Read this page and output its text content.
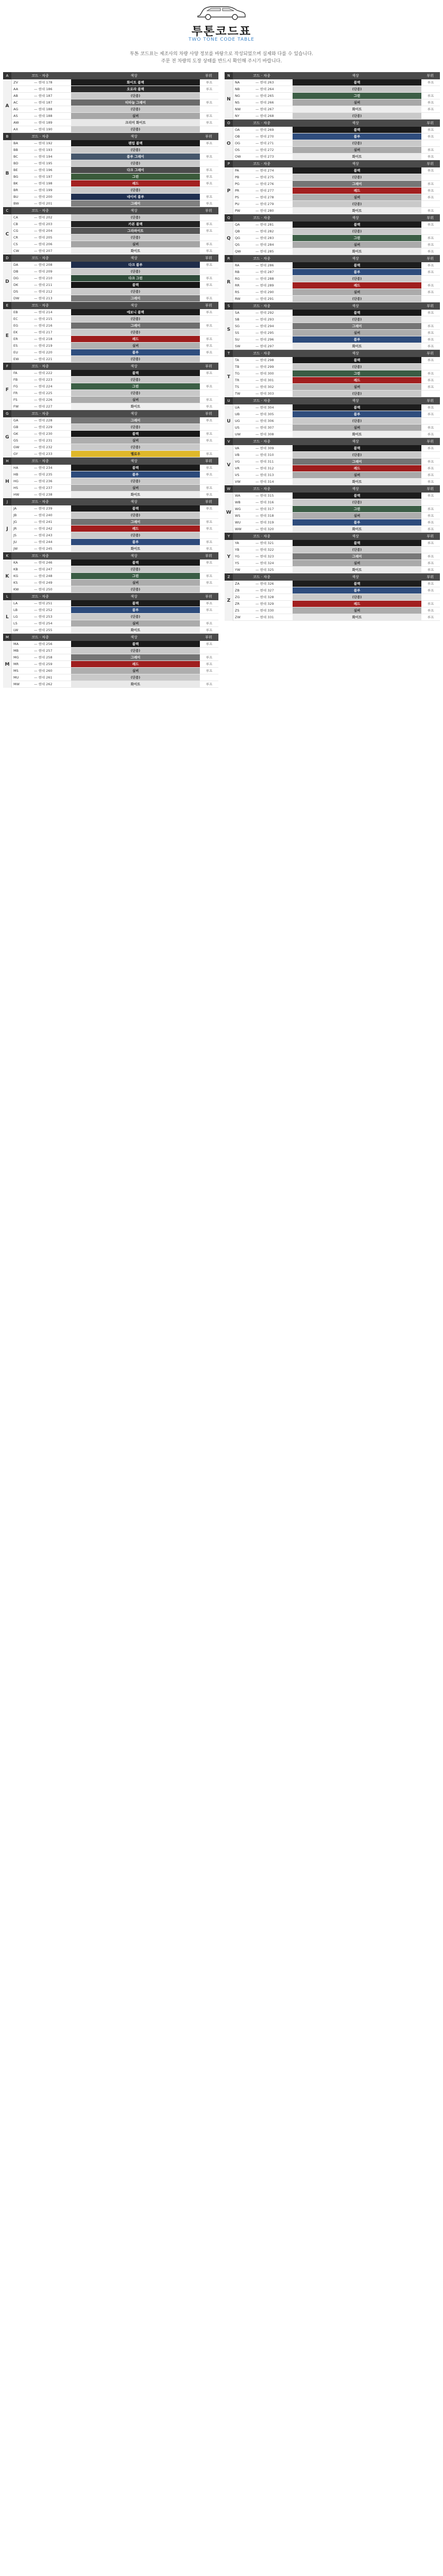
투톤코드표
TWO TONE CODE TABLE
투톤 코드표는 제조사의 차량 사양 정보를 바탕으로 작성되었으며 실제와 다를 수 있습니다.
주문 전 차량의 도장 상태를 반드시 확인해 주시기 바랍니다.
A	코드 · 차종	색상	부위
A
ZV	— 현대 178	화이트 블랙	루프
AA	— 현대 186	오로라 블랙	루프
AB	— 현대 187	(단종)
AC	— 현대 187	티타늄 그레이	루프
AG	— 현대 188	(단종)
AS	— 현대 188	실버	루프
AW	— 현대 189	크리미 화이트	루프
AX	— 현대 190	(단종)
B	코드 · 차종	색상	부위
B
BA	— 현대 192	팬텀 블랙	루프
BB	— 현대 193	(단종)
BC	— 현대 194	블루 그레이	루프
BD	— 현대 195	(단종)
BE	— 현대 196	다크 그레이	루프
BG	— 현대 197	그린	루프
BK	— 현대 198	레드	루프
BR	— 현대 199	(단종)
BU	— 현대 200	네이비 블루	루프
BW	— 현대 201	그레이	루프
C	코드 · 차종	색상	부위
C
CA	— 현대 202	(단종)
CB	— 현대 203	카본 블랙	루프
CG	— 현대 204	그라파이트	루프
CR	— 현대 205	(단종)
CS	— 현대 206	실버	루프
CW	— 현대 207	화이트	루프
D	코드 · 차종	색상	부위
D
DA	— 현대 208	다크 블루	루프
DB	— 현대 209	(단종)
DG	— 현대 210	다크 그린	루프
DK	— 현대 211	블랙	루프
DS	— 현대 212	(단종)
DW	— 현대 213	그레이	루프
E	코드 · 차종	색상	부위
E
EB	— 현대 214	에보니 블랙	루프
EC	— 현대 215	(단종)
EG	— 현대 216	그레이	루프
EK	— 현대 217	(단종)
ER	— 현대 218	레드	루프
ES	— 현대 219	실버	루프
EU	— 현대 220	블루	루프
EW	— 현대 221	(단종)
F	코드 · 차종	색상	부위
F
FA	— 현대 222	블랙	루프
FB	— 현대 223	(단종)
FG	— 현대 224	그린	루프
FR	— 현대 225	(단종)
FS	— 현대 226	실버	루프
FW	— 현대 227	화이트	루프
G	코드 · 차종	색상	부위
G
GA	— 현대 228	그레이	루프
GB	— 현대 229	(단종)
GK	— 현대 230	블랙	루프
GS	— 현대 231	실버	루프
GW	— 현대 232	(단종)
GY	— 현대 233	옐로우	루프
H	코드 · 차종	색상	부위
H
HA	— 현대 234	블랙	루프
HB	— 현대 235	블루	루프
HG	— 현대 236	(단종)
HS	— 현대 237	실버	루프
HW	— 현대 238	화이트	루프
J	코드 · 차종	색상	부위
J
JA	— 현대 239	블랙	루프
JB	— 현대 240	(단종)
JG	— 현대 241	그레이	루프
JR	— 현대 242	레드	루프
JS	— 현대 243	(단종)
JU	— 현대 244	블루	루프
JW	— 현대 245	화이트	루프
K	코드 · 차종	색상	부위
K
KA	— 현대 246	블랙	루프
KB	— 현대 247	(단종)
KG	— 현대 248	그린	루프
KS	— 현대 249	실버	루프
KW	— 현대 250	(단종)
L	코드 · 차종	색상	부위
L
LA	— 현대 251	블랙	루프
LB	— 현대 252	블루	루프
LG	— 현대 253	(단종)
LS	— 현대 254	실버	루프
LW	— 현대 255	화이트	루프
M	코드 · 차종	색상	부위
M
MA	— 현대 256	블랙	루프
MB	— 현대 257	(단종)
MG	— 현대 258	그레이	루프
MR	— 현대 259	레드	루프
MS	— 현대 260	실버	루프
MU	— 현대 261	(단종)
MW	— 현대 262	화이트	루프
N	코드 · 차종	색상	부위
N
NA	— 현대 263	블랙	루프
NB	— 현대 264	(단종)
NG	— 현대 265	그린	루프
NS	— 현대 266	실버	루프
NW	— 현대 267	화이트	루프
NY	— 현대 268	(단종)
O	코드 · 차종	색상	부위
O
OA	— 현대 269	블랙	루프
OB	— 현대 270	블루	루프
OG	— 현대 271	(단종)
OS	— 현대 272	실버	루프
OW	— 현대 273	화이트	루프
P	코드 · 차종	색상	부위
P
PA	— 현대 274	블랙	루프
PB	— 현대 275	(단종)
PG	— 현대 276	그레이	루프
PR	— 현대 277	레드	루프
PS	— 현대 278	실버	루프
PU	— 현대 279	(단종)
PW	— 현대 280	화이트	루프
Q	코드 · 차종	색상	부위
Q
QA	— 현대 281	블랙	루프
QB	— 현대 282	(단종)
QG	— 현대 283	그린	루프
QS	— 현대 284	실버	루프
QW	— 현대 285	화이트	루프
R	코드 · 차종	색상	부위
R
RA	— 현대 286	블랙	루프
RB	— 현대 287	블루	루프
RG	— 현대 288	(단종)
RR	— 현대 289	레드	루프
RS	— 현대 290	실버	루프
RW	— 현대 291	(단종)
S	코드 · 차종	색상	부위
S
SA	— 현대 292	블랙	루프
SB	— 현대 293	(단종)
SG	— 현대 294	그레이	루프
SS	— 현대 295	실버	루프
SU	— 현대 296	블루	루프
SW	— 현대 297	화이트	루프
T	코드 · 차종	색상	부위
T
TA	— 현대 298	블랙	루프
TB	— 현대 299	(단종)
TG	— 현대 300	그린	루프
TR	— 현대 301	레드	루프
TS	— 현대 302	실버	루프
TW	— 현대 303	(단종)
U	코드 · 차종	색상	부위
U
UA	— 현대 304	블랙	루프
UB	— 현대 305	블루	루프
UG	— 현대 306	(단종)
US	— 현대 307	실버	루프
UW	— 현대 308	화이트	루프
V	코드 · 차종	색상	부위
V
VA	— 현대 309	블랙	루프
VB	— 현대 310	(단종)
VG	— 현대 311	그레이	루프
VR	— 현대 312	레드	루프
VS	— 현대 313	실버	루프
VW	— 현대 314	화이트	루프
W	코드 · 차종	색상	부위
W
WA	— 현대 315	블랙	루프
WB	— 현대 316	(단종)
WG	— 현대 317	그린	루프
WS	— 현대 318	실버	루프
WU	— 현대 319	블루	루프
WW	— 현대 320	화이트	루프
Y	코드 · 차종	색상	부위
Y
YA	— 현대 321	블랙	루프
YB	— 현대 322	(단종)
YG	— 현대 323	그레이	루프
YS	— 현대 324	실버	루프
YW	— 현대 325	화이트	루프
Z	코드 · 차종	색상	부위
Z
ZA	— 현대 326	블랙	루프
ZB	— 현대 327	블루	루프
ZG	— 현대 328	(단종)
ZR	— 현대 329	레드	루프
ZS	— 현대 330	실버	루프
ZW	— 현대 331	화이트	루프
